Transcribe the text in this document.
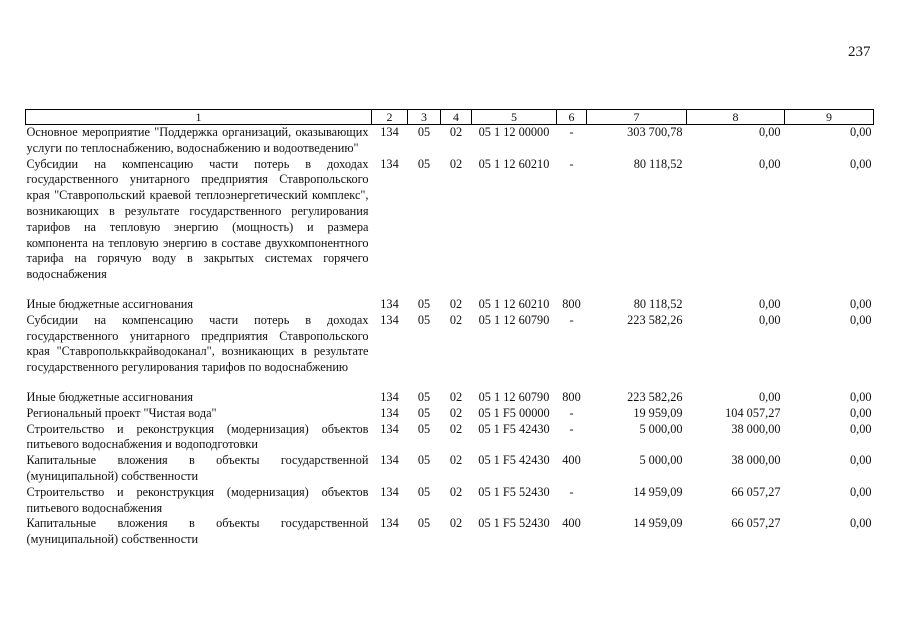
237
1	2	3	4	5	6	7	8	9
Основное мероприятие "Поддержка организаций, оказывающих услуги по теплоснабжению, водоснабжению и водоотведению"	134	05	02	05 1 12 00000	-	303 700,78	0,00	0,00
Субсидии на компенсацию части потерь в доходах государственного унитарного предприятия Ставропольского края "Ставропольский краевой теплоэнергетический комплекс", возникающих в результате государственного регулирования тарифов на тепловую энергию (мощность) и размера компонента на тепловую энергию в составе двухкомпонентного тарифа на горячую воду в закрытых системах горячего водоснабжения	134	05	02	05 1 12 60210	-	80 118,52	0,00	0,00

Иные бюджетные ассигнования	134	05	02	05 1 12 60210	800	80 118,52	0,00	0,00
Субсидии на компенсацию части потерь в доходах государственного унитарного предприятия Ставропольского края "Ставропольккрайводоканал", возникающих в результате государственного регулирования тарифов по водоснабжению	134	05	02	05 1 12 60790	-	223 582,26	0,00	0,00

Иные бюджетные ассигнования	134	05	02	05 1 12 60790	800	223 582,26	0,00	0,00
Региональный проект "Чистая вода"	134	05	02	05 1 F5 00000	-	19 959,09	104 057,27	0,00
Строительство и реконструкция (модернизация) объектов питьевого водоснабжения и водоподготовки	134	05	02	05 1 F5 42430	-	5 000,00	38 000,00	0,00
Капитальные вложения в объекты государственной (муниципальной) собственности	134	05	02	05 1 F5 42430	400	5 000,00	38 000,00	0,00
Строительство и реконструкция (модернизация) объектов питьевого водоснабжения	134	05	02	05 1 F5 52430	-	14 959,09	66 057,27	0,00
Капитальные вложения в объекты государственной (муниципальной) собственности	134	05	02	05 1 F5 52430	400	14 959,09	66 057,27	0,00
